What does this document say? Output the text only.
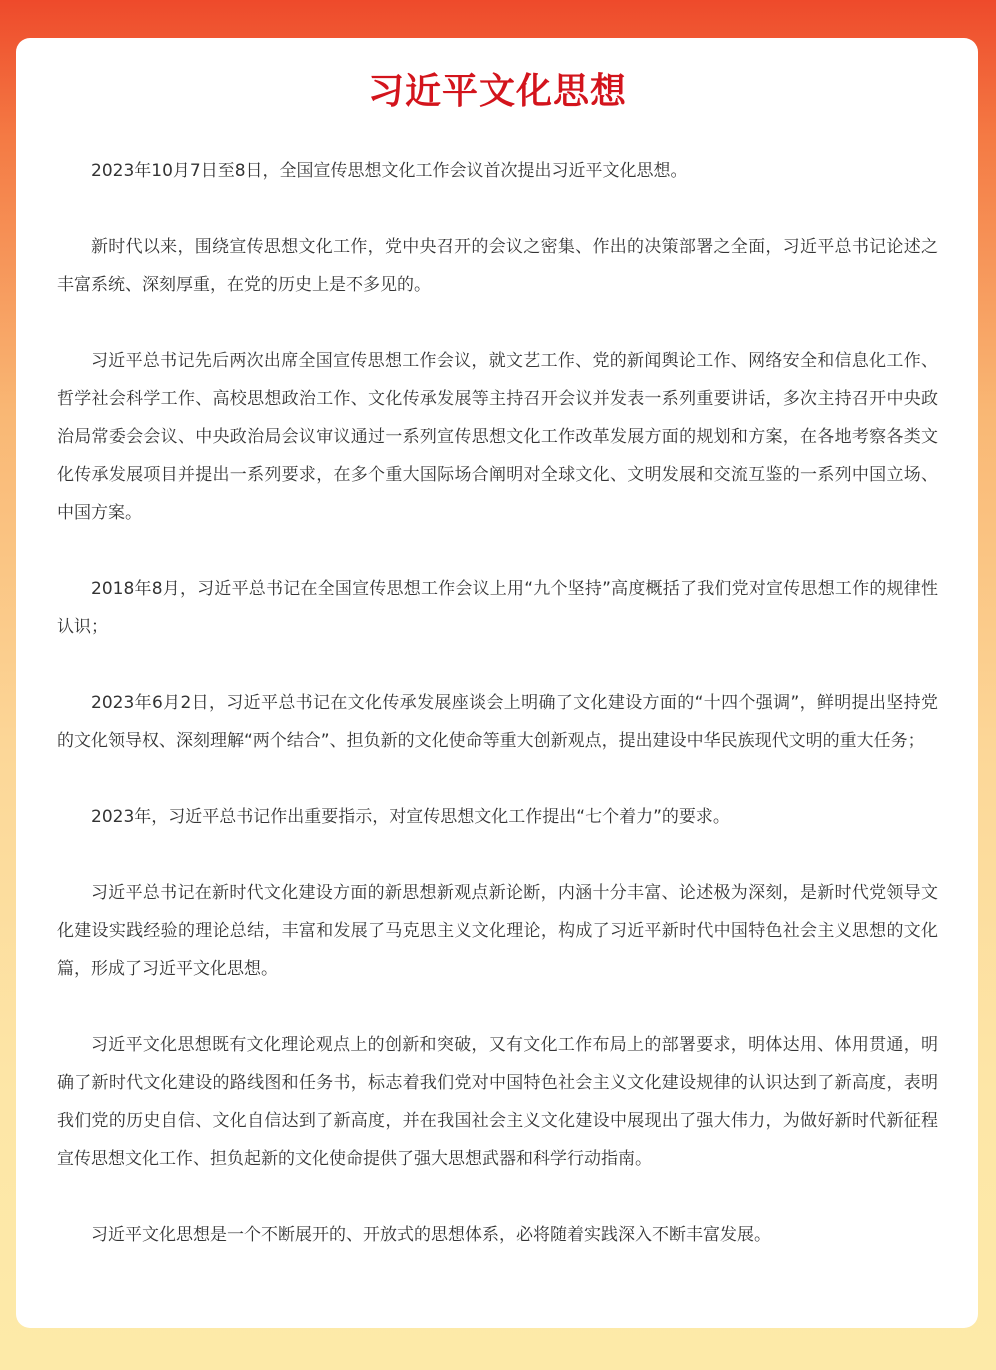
习近平文化思想

2023年10月7日至8日，全国宣传思想文化工作会议首次提出习近平文化思想。

新时代以来，围绕宣传思想文化工作，党中央召开的会议之密集、作出的决策部署之全面，习近平总书记论述之丰富系统、深刻厚重，在党的历史上是不多见的。

习近平总书记先后两次出席全国宣传思想工作会议，就文艺工作、党的新闻舆论工作、网络安全和信息化工作、哲学社会科学工作、高校思想政治工作、文化传承发展等主持召开会议并发表一系列重要讲话，多次主持召开中央政治局常委会会议、中央政治局会议审议通过一系列宣传思想文化工作改革发展方面的规划和方案，在各地考察各类文化传承发展项目并提出一系列要求，在多个重大国际场合阐明对全球文化、文明发展和交流互鉴的一系列中国立场、中国方案。

2018年8月，习近平总书记在全国宣传思想工作会议上用“九个坚持”高度概括了我们党对宣传思想工作的规律性认识；

2023年6月2日，习近平总书记在文化传承发展座谈会上明确了文化建设方面的“十四个强调”，鲜明提出坚持党的文化领导权、深刻理解“两个结合”、担负新的文化使命等重大创新观点，提出建设中华民族现代文明的重大任务；

2023年，习近平总书记作出重要指示，对宣传思想文化工作提出“七个着力”的要求。

习近平总书记在新时代文化建设方面的新思想新观点新论断，内涵十分丰富、论述极为深刻，是新时代党领导文化建设实践经验的理论总结，丰富和发展了马克思主义文化理论，构成了习近平新时代中国特色社会主义思想的文化篇，形成了习近平文化思想。

习近平文化思想既有文化理论观点上的创新和突破，又有文化工作布局上的部署要求，明体达用、体用贯通，明确了新时代文化建设的路线图和任务书，标志着我们党对中国特色社会主义文化建设规律的认识达到了新高度，表明我们党的历史自信、文化自信达到了新高度，并在我国社会主义文化建设中展现出了强大伟力，为做好新时代新征程宣传思想文化工作、担负起新的文化使命提供了强大思想武器和科学行动指南。

习近平文化思想是一个不断展开的、开放式的思想体系，必将随着实践深入不断丰富发展。
